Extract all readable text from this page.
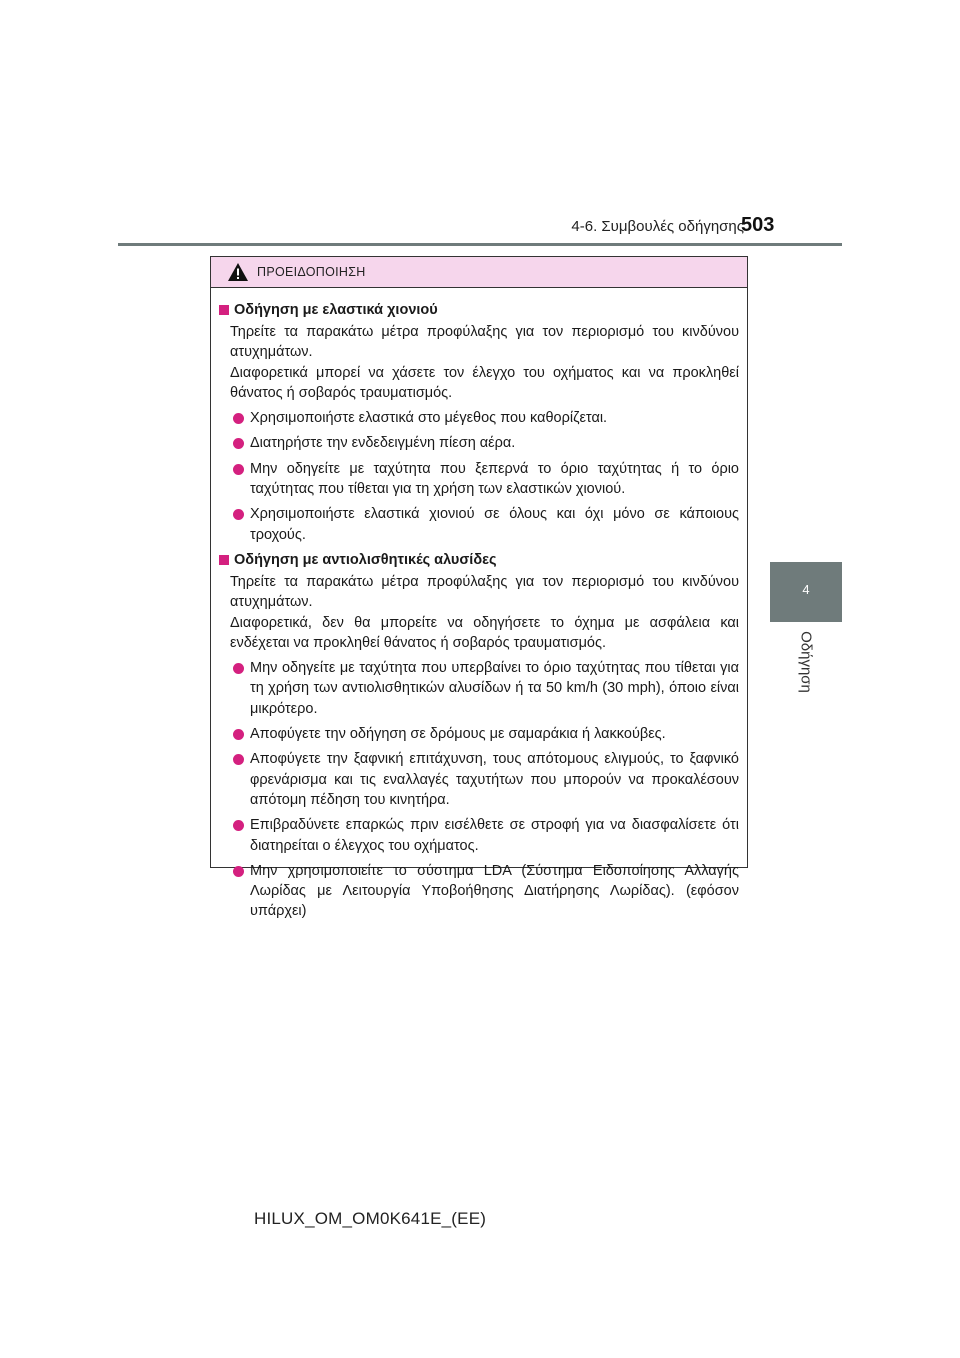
4-6. Συμβουλές οδήγησης
503
4
Οδήγηση
ΠΡΟΕΙΔΟΠΟΙΗΣΗ
Οδήγηση με ελαστικά χιονιού
Τηρείτε τα παρακάτω μέτρα προφύλαξης για τον περιορισμό του κινδύνου ατυχημάτων.
Διαφορετικά μπορεί να χάσετε τον έλεγχο του οχήματος και να προκληθεί θάνατος ή σοβαρός τραυματισμός.
Χρησιμοποιήστε ελαστικά στο μέγεθος που καθορίζεται.
Διατηρήστε την ενδεδειγμένη πίεση αέρα.
Μην οδηγείτε με ταχύτητα που ξεπερνά το όριο ταχύτητας ή το όριο ταχύτητας που τίθεται για τη χρήση των ελαστικών χιονιού.
Χρησιμοποιήστε ελαστικά χιονιού σε όλους και όχι μόνο σε κάποιους τροχούς.
Οδήγηση με αντιολισθητικές αλυσίδες
Τηρείτε τα παρακάτω μέτρα προφύλαξης για τον περιορισμό του κινδύνου ατυχημάτων.
Διαφορετικά, δεν θα μπορείτε να οδηγήσετε το όχημα με ασφάλεια και ενδέχεται να προκληθεί θάνατος ή σοβαρός τραυματισμός.
Μην οδηγείτε με ταχύτητα που υπερβαίνει το όριο ταχύτητας που τίθεται για τη χρήση των αντιολισθητικών αλυσίδων ή τα 50 km/h (30 mph), όποιο είναι μικρότερο.
Αποφύγετε την οδήγηση σε δρόμους με σαμαράκια ή λακκούβες.
Αποφύγετε την ξαφνική επιτάχυνση, τους απότομους ελιγμούς, το ξαφνικό φρενάρισμα και τις εναλλαγές ταχυτήτων που μπορούν να προκαλέσουν απότομη πέδηση του κινητήρα.
Επιβραδύνετε επαρκώς πριν εισέλθετε σε στροφή για να διασφαλίσετε ότι διατηρείται ο έλεγχος του οχήματος.
Μην χρησιμοποιείτε το σύστημα LDA (Σύστημα Ειδοποίησης Αλλαγής Λωρίδας με Λειτουργία Υποβοήθησης Διατήρησης Λωρίδας). (εφόσον υπάρχει)
HILUX_OM_OM0K641E_(EE)
